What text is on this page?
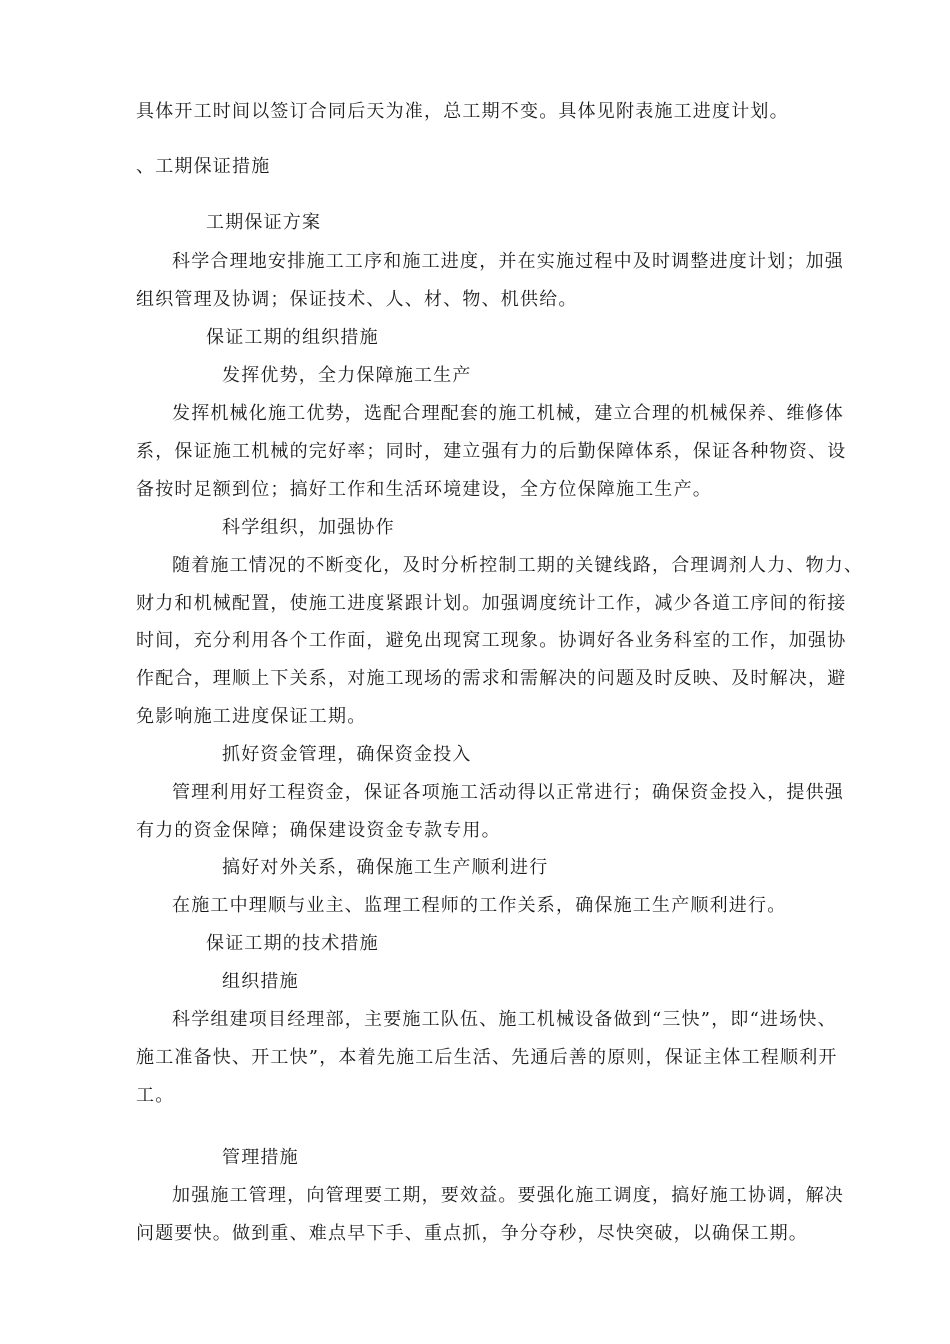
具体开工时间以签订合同后天为准，总工期不变。具体见附表施工进度计划。
、工期保证措施
工期保证方案
科学合理地安排施工工序和施工进度，并在实施过程中及时调整进度计划；加强
组织管理及协调；保证技术、人、材、物、机供给。
保证工期的组织措施
发挥优势，全力保障施工生产
发挥机械化施工优势，选配合理配套的施工机械，建立合理的机械保养、维修体
系，保证施工机械的完好率；同时，建立强有力的后勤保障体系，保证各种物资、设
备按时足额到位；搞好工作和生活环境建设，全方位保障施工生产。
科学组织，加强协作
随着施工情况的不断变化，及时分析控制工期的关键线路，合理调剂人力、物力、
财力和机械配置，使施工进度紧跟计划。加强调度统计工作，减少各道工序间的衔接
时间，充分利用各个工作面，避免出现窝工现象。协调好各业务科室的工作，加强协
作配合，理顺上下关系，对施工现场的需求和需解决的问题及时反映、及时解决，避
免影响施工进度保证工期。
抓好资金管理，确保资金投入
管理利用好工程资金，保证各项施工活动得以正常进行；确保资金投入，提供强
有力的资金保障；确保建设资金专款专用。
搞好对外关系，确保施工生产顺利进行
在施工中理顺与业主、监理工程师的工作关系，确保施工生产顺利进行。
保证工期的技术措施
组织措施
科学组建项目经理部，主要施工队伍、施工机械设备做到“三快”，即“进场快、
施工准备快、开工快”，本着先施工后生活、先通后善的原则，保证主体工程顺利开
工。
管理措施
加强施工管理，向管理要工期，要效益。要强化施工调度，搞好施工协调，解决
问题要快。做到重、难点早下手、重点抓，争分夺秒，尽快突破，以确保工期。
